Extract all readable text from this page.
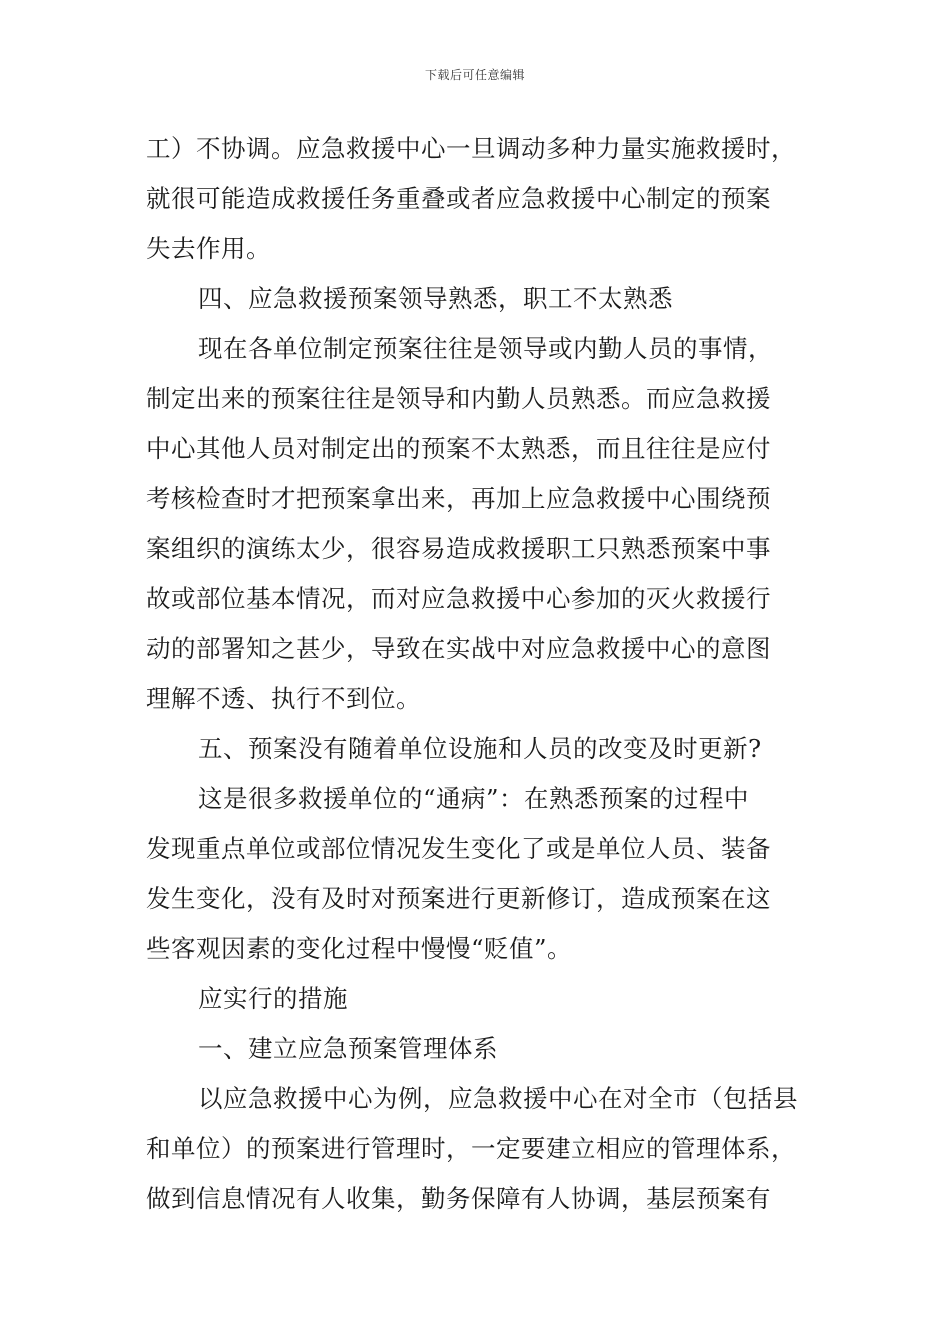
下载后可任意编辑
工）不协调。应急救援中心一旦调动多种力量实施救援时，
就很可能造成救援任务重叠或者应急救援中心制定的预案
失去作用。
四、应急救援预案领导熟悉，职工不太熟悉
现在各单位制定预案往往是领导或内勤人员的事情，
制定出来的预案往往是领导和内勤人员熟悉。而应急救援
中心其他人员对制定出的预案不太熟悉，而且往往是应付
考核检查时才把预案拿出来，再加上应急救援中心围绕预
案组织的演练太少，很容易造成救援职工只熟悉预案中事
故或部位基本情况，而对应急救援中心参加的灭火救援行
动的部署知之甚少，导致在实战中对应急救援中心的意图
理解不透、执行不到位。
五、预案没有随着单位设施和人员的改变及时更新?
这是很多救援单位的“通病”：在熟悉预案的过程中
发现重点单位或部位情况发生变化了或是单位人员、装备
发生变化，没有及时对预案进行更新修订，造成预案在这
些客观因素的变化过程中慢慢“贬值”。
应实行的措施
一、建立应急预案管理体系
以应急救援中心为例，应急救援中心在对全市（包括县
和单位）的预案进行管理时，一定要建立相应的管理体系，
做到信息情况有人收集，勤务保障有人协调，基层预案有
